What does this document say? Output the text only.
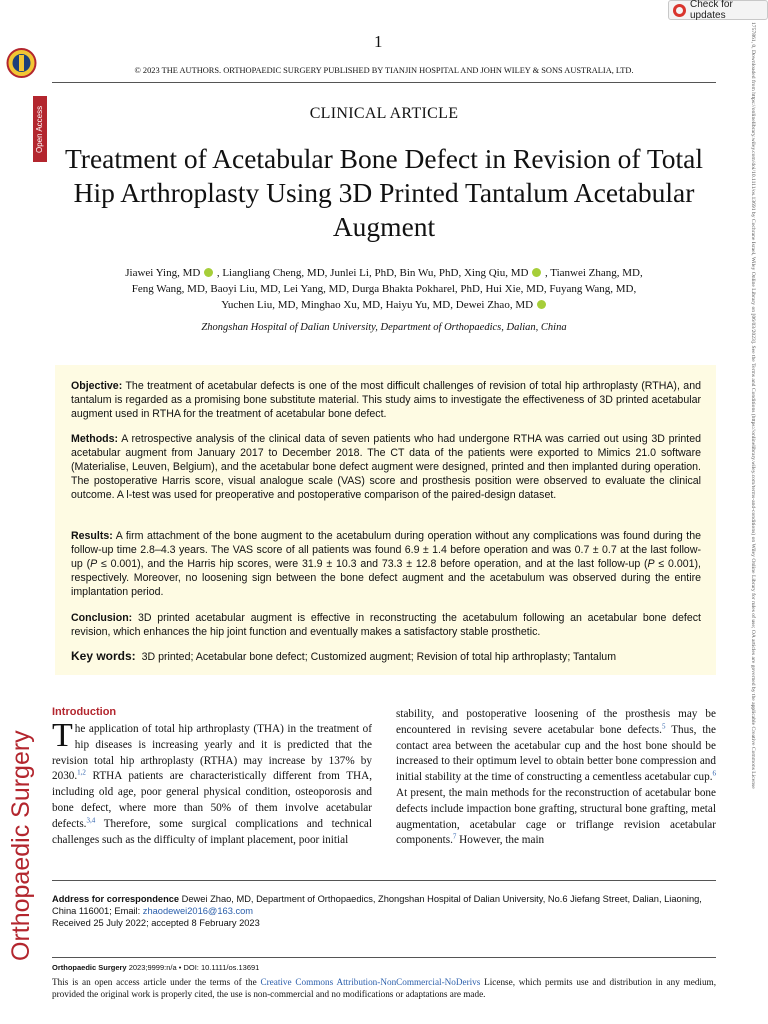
Check for updates
Open Access
Orthopaedic Surgery
1757861, 0, Downloaded from https://onlinelibrary.wiley.com/doi/10.1111/os.13691 by Cochrane Israel, Wiley Online Library on [06/03/2023]. See the Terms and Conditions (https://onlinelibrary.wiley.com/terms-and-conditions) on Wiley Online Library for rules of use; OA articles are governed by the applicable Creative Commons License
1
© 2023 THE AUTHORS. ORTHOPAEDIC SURGERY PUBLISHED BY TIANJIN HOSPITAL AND JOHN WILEY & SONS AUSTRALIA, LTD.
CLINICAL ARTICLE
Treatment of Acetabular Bone Defect in Revision of Total Hip Arthroplasty Using 3D Printed Tantalum Acetabular Augment
Jiawei Ying, MD , Liangliang Cheng, MD, Junlei Li, PhD, Bin Wu, PhD, Xing Qiu, MD , Tianwei Zhang, MD,
Feng Wang, MD, Baoyi Liu, MD, Lei Yang, MD, Durga Bhakta Pokharel, PhD, Hui Xie, MD, Fuyang Wang, MD,
Yuchen Liu, MD, Minghao Xu, MD, Haiyu Yu, MD, Dewei Zhao, MD
Zhongshan Hospital of Dalian University, Department of Orthopaedics, Dalian, China

Objective: The treatment of acetabular defects is one of the most difficult challenges of revision of total hip arthroplasty (RTHA), and tantalum is regarded as a promising bone substitute material. This study aims to investigate the effectiveness of 3D printed acetabular augment used in RTHA for the treatment of acetabular bone defect.

Methods: A retrospective analysis of the clinical data of seven patients who had undergone RTHA was carried out using 3D printed acetabular augment from January 2017 to December 2018. The CT data of the patients were exported to Mimics 21.0 software (Materialise, Leuven, Belgium), and the acetabular bone defect augment were designed, printed and then implanted during operation. The postoperative Harris score, visual analogue scale (VAS) score and prosthesis position were observed to evaluate the clinical outcome. A l-test was used for preoperative and postoperative comparison of the paired-design dataset.

Results: A firm attachment of the bone augment to the acetabulum during operation without any complications was found during the follow-up time 2.8–4.3 years. The VAS score of all patients was found 6.9 ± 1.4 before operation and was 0.7 ± 0.7 at the last follow-up (P ≤ 0.001), and the Harris hip scores, were 31.9 ± 10.3 and 73.3 ± 12.8 before operation, and at the last follow-up (P ≤ 0.001), respectively. Moreover, no loosening sign between the bone defect augment and the acetabulum was observed during the entire implantation period.

Conclusion: 3D printed acetabular augment is effective in reconstructing the acetabulum following an acetabular bone defect revision, which enhances the hip joint function and eventually makes a satisfactory stable prosthetic.

Key words: 3D printed; Acetabular bone defect; Customized augment; Revision of total hip arthroplasty; Tantalum

Introduction
The application of total hip arthroplasty (THA) in the treatment of hip diseases is increasing yearly and it is predicted that the revision total hip arthroplasty (RTHA) may increase by 137% by 2030.$^{1,2}$ RTHA patients are characteristically different from THA, including old age, poor general physical condition, osteoporosis and bone defect, where more than 50% of them involve acetabular defects.$^{3,4}$ Therefore, some surgical complications and technical challenges such as the difficulty of implant placement, poor initial
stability, and postoperative loosening of the prosthesis may be encountered in revising severe acetabular bone defects.$^5$ Thus, the contact area between the acetabular cup and the host bone should be increased to their optimum level to obtain better bone compression and initial stability at the time of constructing a cementless acetabular cup.$^6$ At present, the main methods for the reconstruction of acetabular bone defects include impaction bone grafting, structural bone grafting, metal augmentation, acetabular cage or triflange revision acetabular components.$^7$ However, the main
Address for correspondence Dewei Zhao, MD, Department of Orthopaedics, Zhongshan Hospital of Dalian University, No.6 Jiefang Street, Dalian, Liaoning, China 116001; Email: zhaodewei2016@163.com
Received 25 July 2022; accepted 8 February 2023
Orthopaedic Surgery 2023;9999:n/a • DOI: 10.1111/os.13691
This is an open access article under the terms of the Creative Commons Attribution-NonCommercial-NoDerivs License, which permits use and distribution in any medium, provided the original work is properly cited, the use is non-commercial and no modifications or adaptations are made.
